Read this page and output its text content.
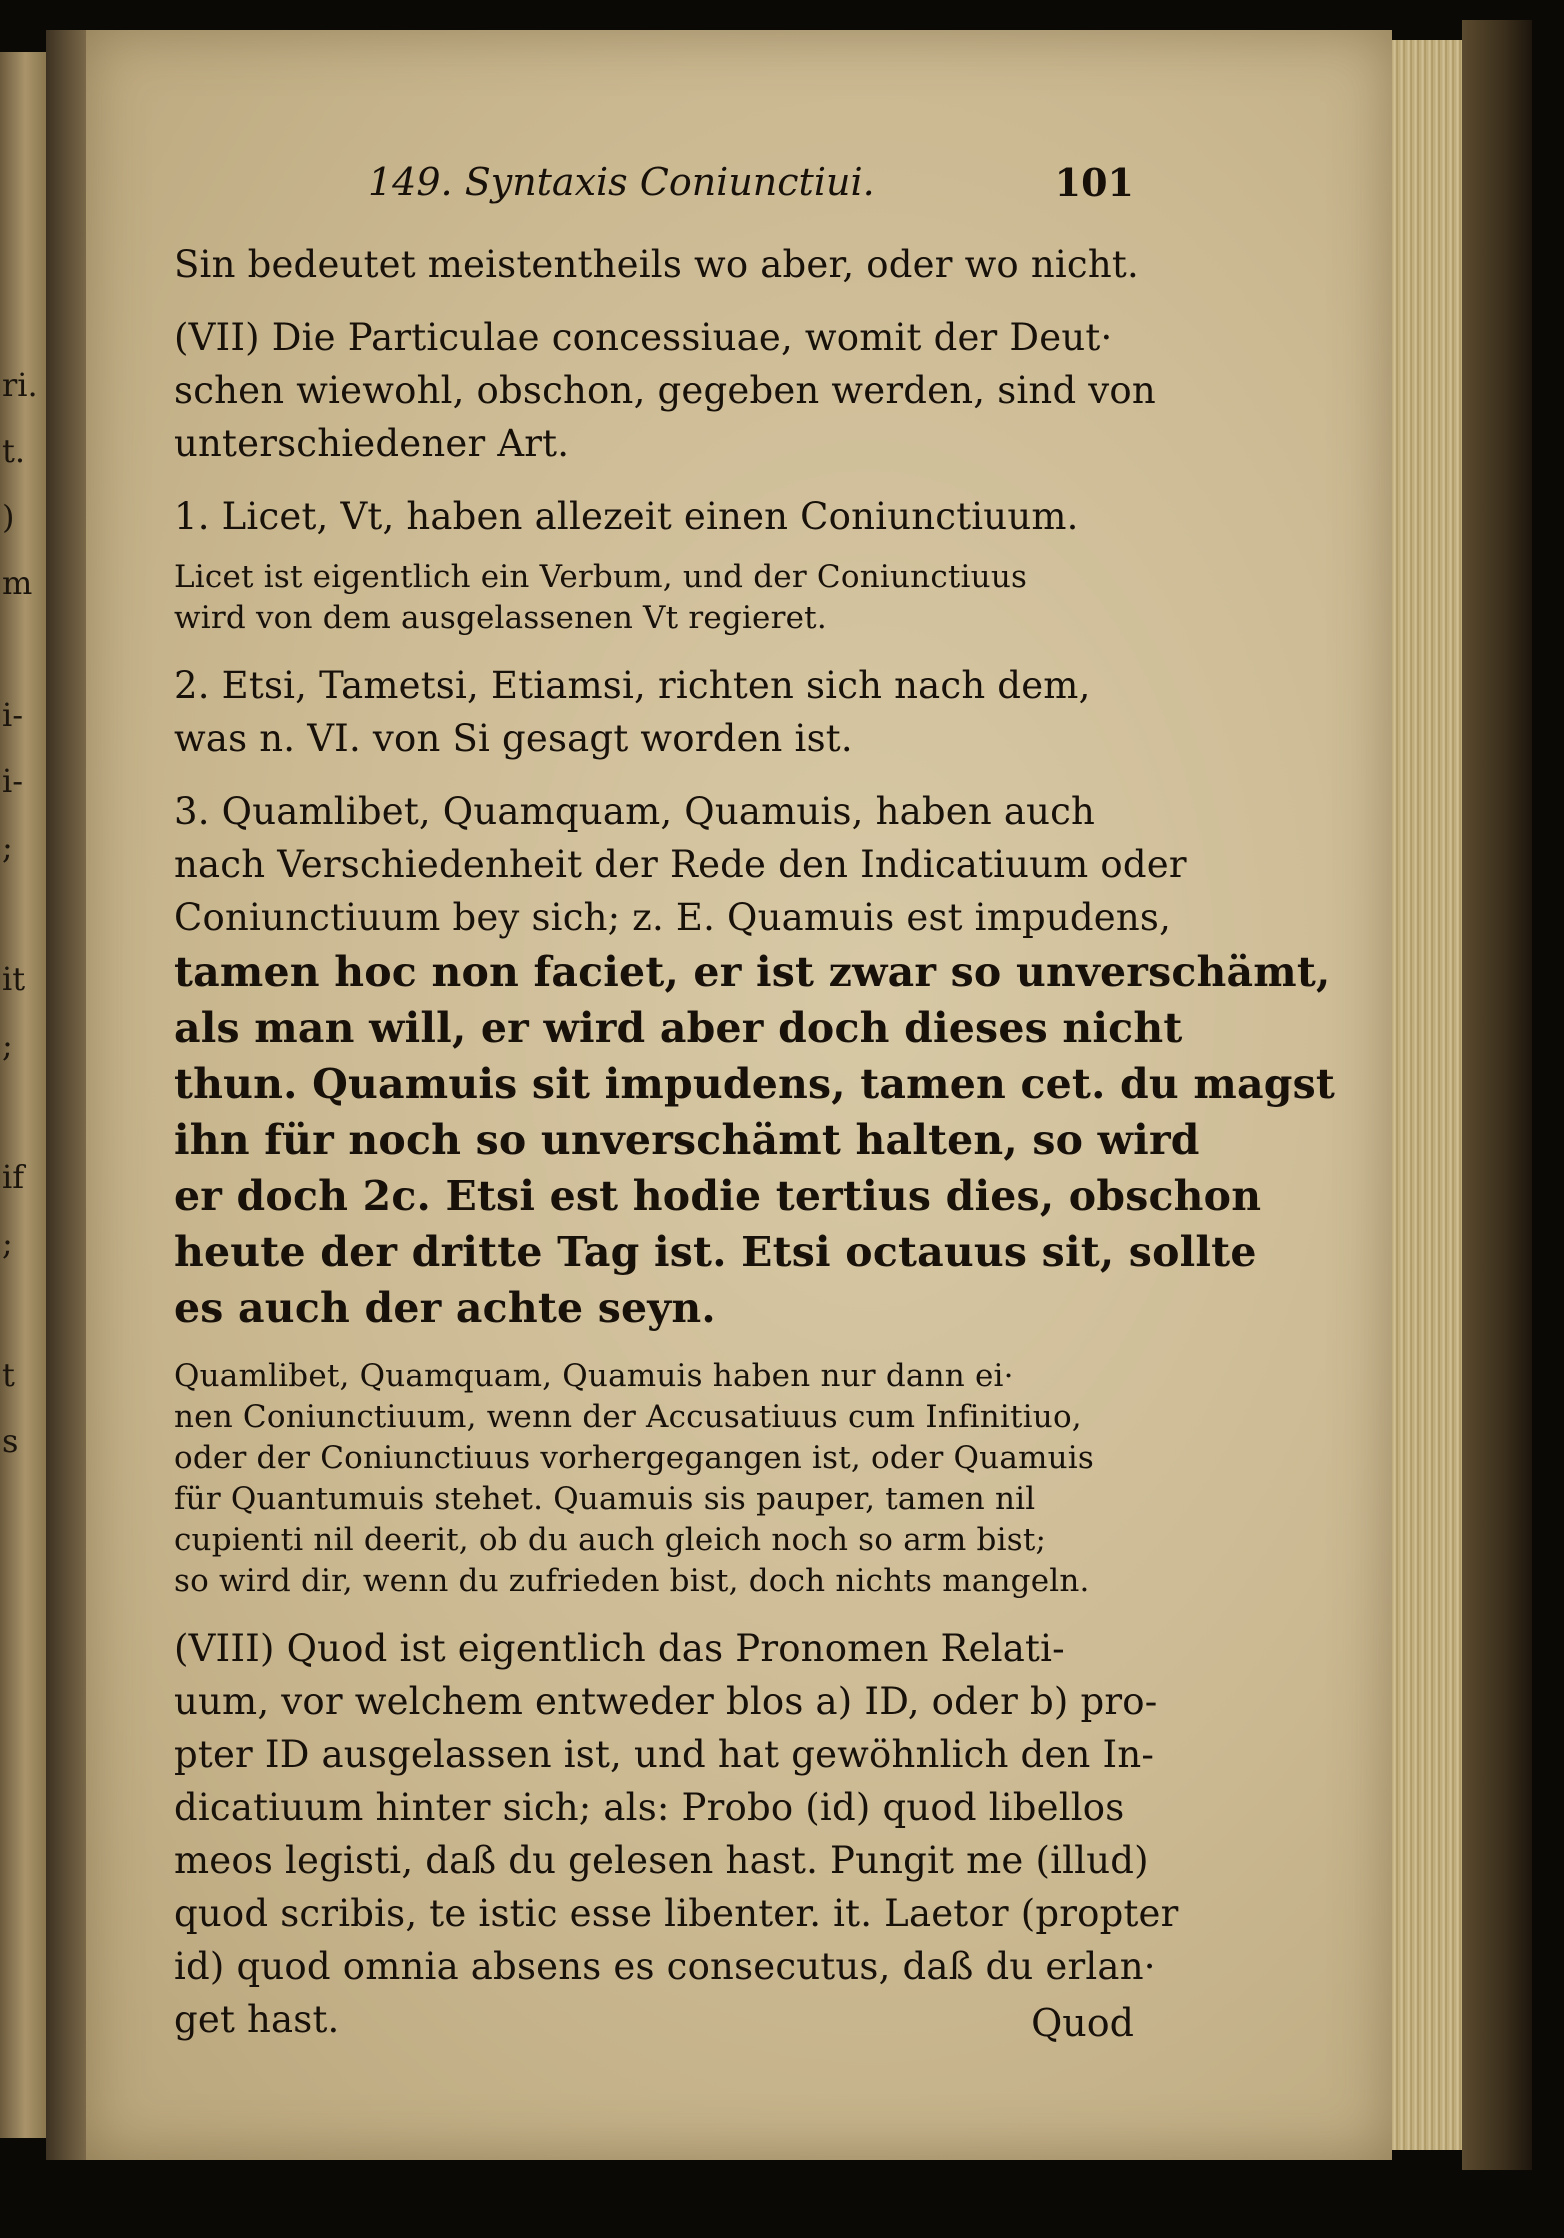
ri.
t.
)
m
i-
i-
;
it
;
if
;
t
s
149. Syntaxis Coniunctiui.	101
Sin bedeutet meistentheils wo aber, oder wo nicht.
(VII) Die Particulae concessiuae, womit der Deut·
schen wiewohl, obschon, gegeben werden, sind von
unterschiedener Art.
1. Licet, Vt, haben allezeit einen Coniunctiuum.
Licet ist eigentlich ein Verbum, und der Coniunctiuus
wird von dem ausgelassenen Vt regieret.
2. Etsi, Tametsi, Etiamsi, richten sich nach dem,
was n. VI. von Si gesagt worden ist.
3. Quamlibet, Quamquam, Quamuis, haben auch
nach Verschiedenheit der Rede den Indicatiuum oder
Coniunctiuum bey sich; z. E. Quamuis est impudens,
tamen hoc non faciet, er ist zwar so unverschämt,
als man will, er wird aber doch dieses nicht
thun. Quamuis sit impudens, tamen cet. du magst
ihn für noch so unverschämt halten, so wird
er doch 2c. Etsi est hodie tertius dies, obschon
heute der dritte Tag ist. Etsi octauus sit, sollte
es auch der achte seyn.
Quamlibet, Quamquam, Quamuis haben nur dann ei·
nen Coniunctiuum, wenn der Accusatiuus cum Infinitiuo,
oder der Coniunctiuus vorhergegangen ist, oder Quamuis
für Quantumuis stehet. Quamuis sis pauper, tamen nil
cupienti nil deerit, ob du auch gleich noch so arm bist;
so wird dir, wenn du zufrieden bist, doch nichts mangeln.
(VIII) Quod ist eigentlich das Pronomen Relati-
uum, vor welchem entweder blos a) ID, oder b) pro-
pter ID ausgelassen ist, und hat gewöhnlich den In-
dicatiuum hinter sich; als: Probo (id) quod libellos
meos legisti, daß du gelesen hast. Pungit me (illud)
quod scribis, te istic esse libenter. it. Laetor (propter
id) quod omnia absens es consecutus, daß du erlan·
get hast.	Quod
